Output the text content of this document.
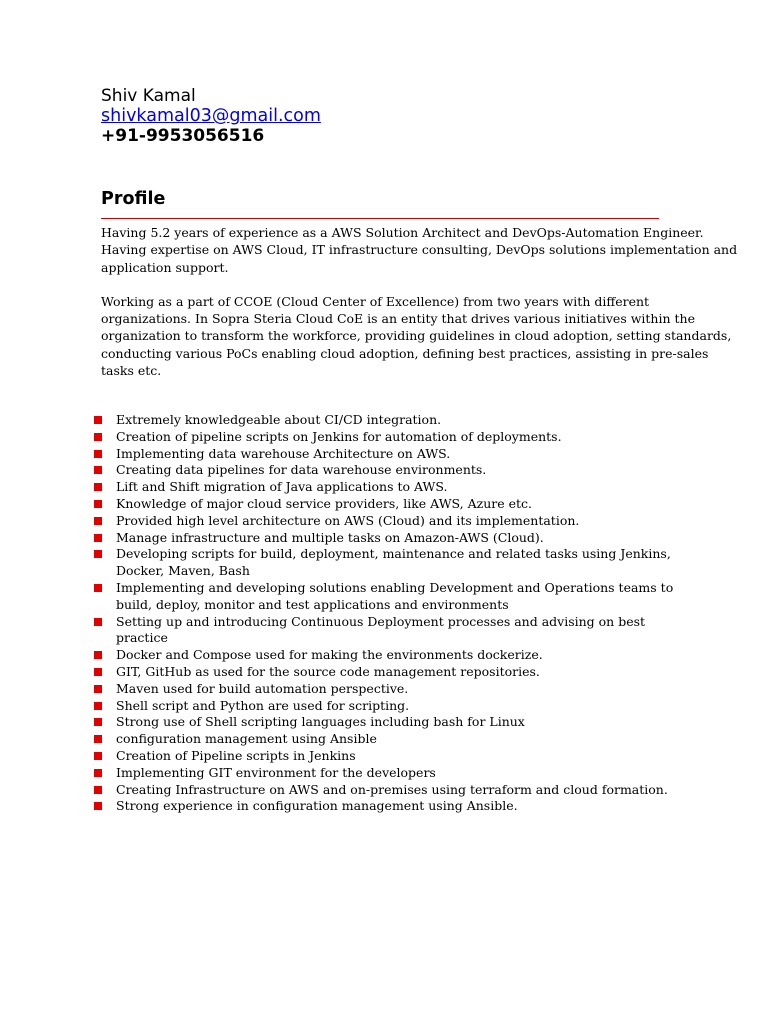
Shiv Kamal
shivkamal03@gmail.com
+91-9953056516
Profile

Having 5.2 years of experience as a AWS Solution Architect and DevOps-Automation Engineer. Having expertise on AWS Cloud, IT infrastructure consulting, DevOps solutions implementation and application support.

Working as a part of CCOE (Cloud Center of Excellence) from two years with different organizations. In Sopra Steria Cloud CoE is an entity that drives various initiatives within the organization to transform the workforce, providing guidelines in cloud adoption, setting standards, conducting various PoCs enabling cloud adoption, defining best practices, assisting in pre-sales tasks etc.

Extremely knowledgeable about CI/CD integration.
Creation of pipeline scripts on Jenkins for automation of deployments.
Implementing data warehouse Architecture on AWS.
Creating data pipelines for data warehouse environments.
Lift and Shift migration of Java applications to AWS.
Knowledge of major cloud service providers, like AWS, Azure etc.
Provided high level architecture on AWS (Cloud) and its implementation.
Manage infrastructure and multiple tasks on Amazon-AWS (Cloud).
Developing scripts for build, deployment, maintenance and related tasks using Jenkins, Docker, Maven, Bash
Implementing and developing solutions enabling Development and Operations teams to build, deploy, monitor and test applications and environments
Setting up and introducing Continuous Deployment processes and advising on best practice
Docker and Compose used for making the environments dockerize.
GIT, GitHub as used for the source code management repositories.
Maven used for build automation perspective.
Shell script and Python are used for scripting.
Strong use of Shell scripting languages including bash for Linux
configuration management using Ansible
Creation of Pipeline scripts in Jenkins
Implementing GIT environment for the developers
Creating Infrastructure on AWS and on-premises using terraform and cloud formation.
Strong experience in configuration management using Ansible.
